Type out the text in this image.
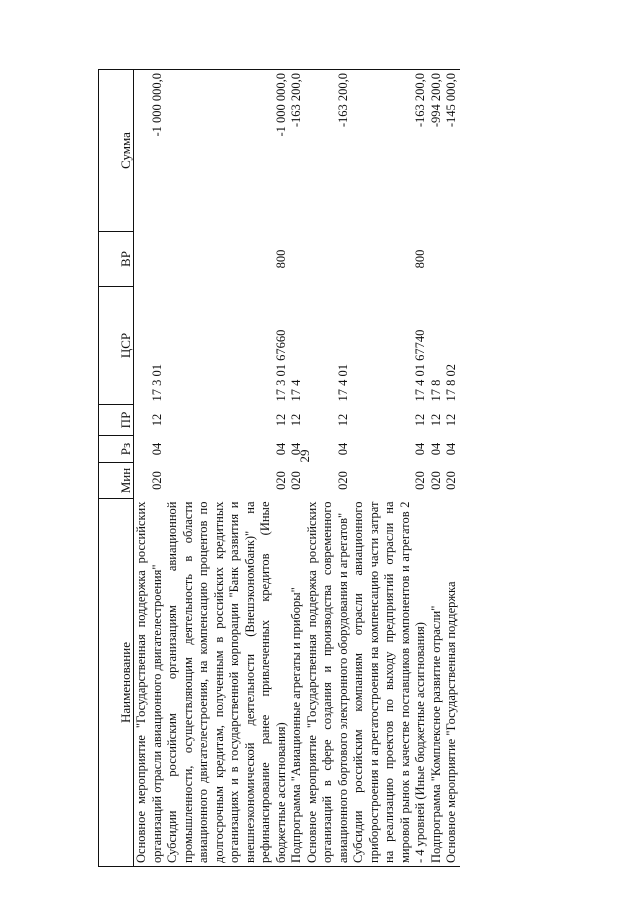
29
Наименование	Мин	Рз	ПР	ЦСР	ВР	Сумма
Основное мероприятие "Государственная поддержка российских организаций отрасли авиационного двигателестроения"	020	04	12	17 3 01		-1 000 000,0
Субсидии российским организациям авиационной промышленности, осуществляющим деятельность в области авиационного двигателестроения, на компенсацию процентов по долгосрочным кредитам, полученным в российских кредитных организациях и в государственной корпорации "Банк развития и внешнеэкономической деятельности (Внешэкономбанк)" на рефинансирование ранее привлеченных кредитов (Иные бюджетные ассигнования)	020	04	12	17 3 01 67660	800	-1 000 000,0
Подпрограмма "Авиационные агрегаты и приборы"	020	04	12	17 4		-163 200,0
Основное мероприятие "Государственная поддержка российских организаций в сфере создания и производства современного авиационного бортового электронного оборудования и агрегатов"	020	04	12	17 4 01		-163 200,0
Субсидии российским компаниям отрасли авиационного приборостроения и агрегатостроения на компенсацию части затрат на реализацию проектов по выходу предприятий отрасли на мировой рынок в качестве поставщиков компонентов и агрегатов 2 - 4 уровней (Иные бюджетные ассигнования)	020	04	12	17 4 01 67740	800	-163 200,0
Подпрограмма "Комплексное развитие отрасли"	020	04	12	17 8		-994 200,0
Основное мероприятие "Государственная поддержка	020	04	12	17 8 02		-145 000,0
